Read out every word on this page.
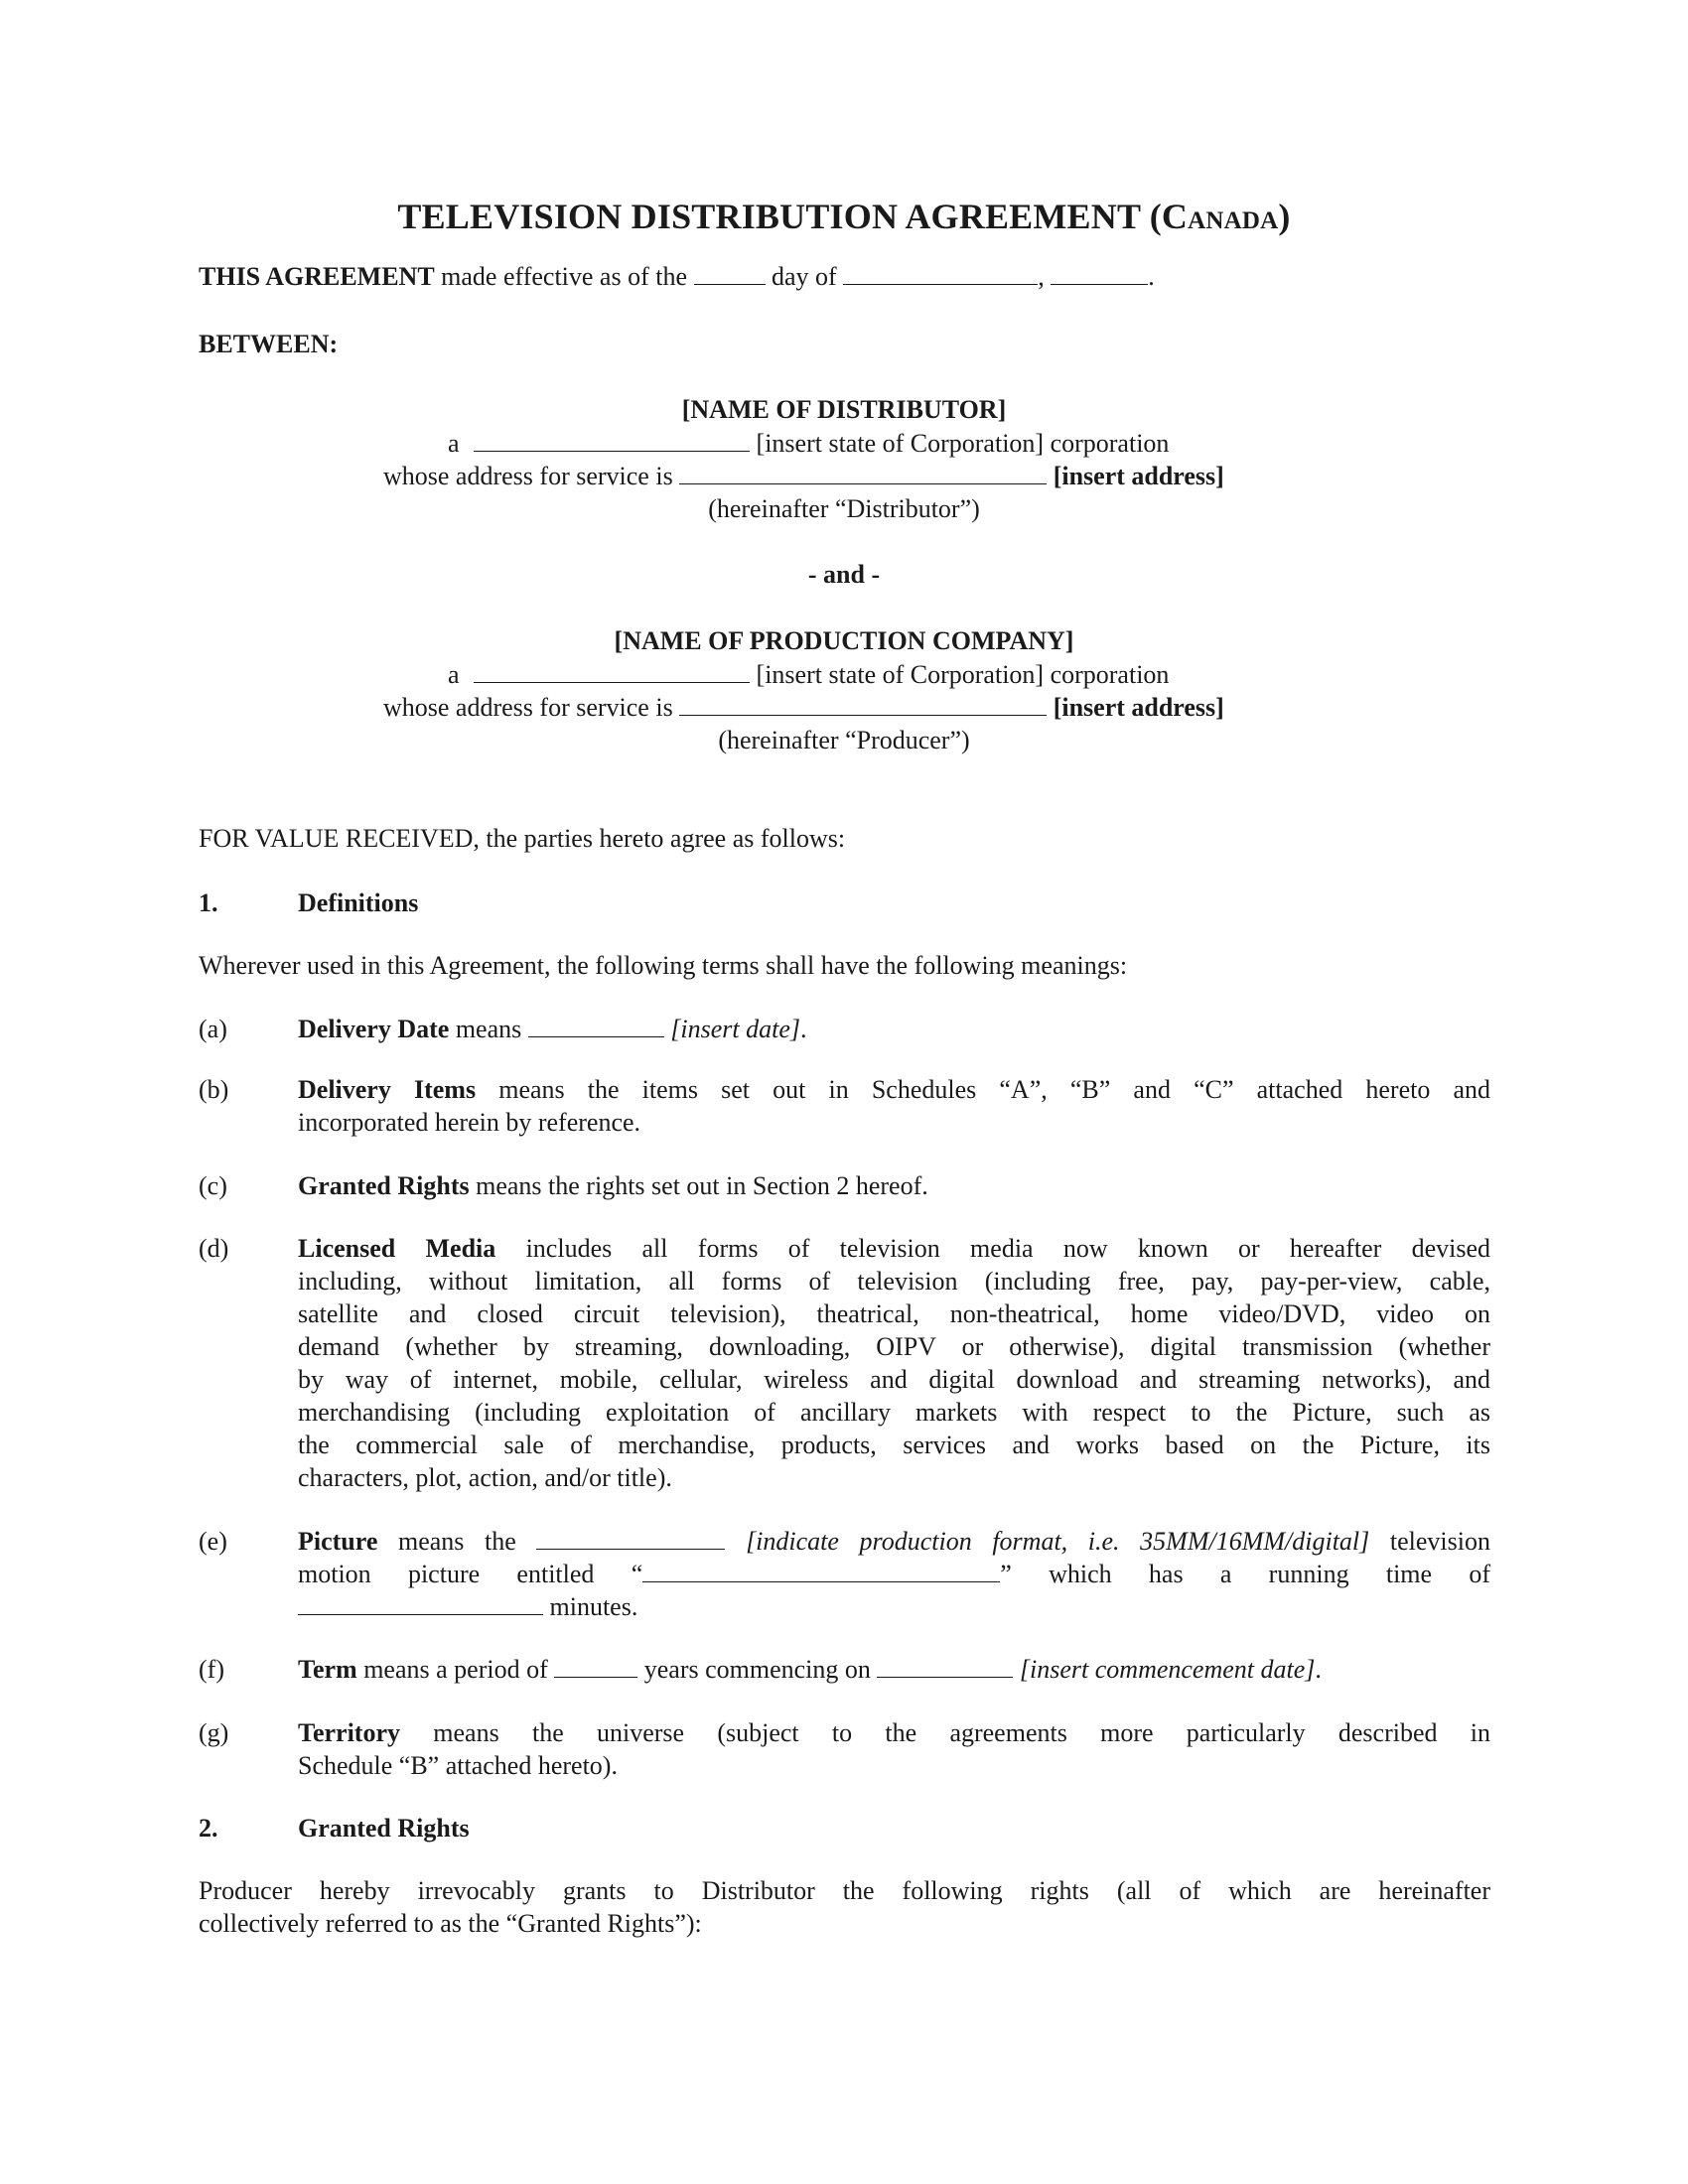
TELEVISION DISTRIBUTION AGREEMENT (Canada)
THIS AGREEMENT made effective as of the	day of	,	.
BETWEEN:
[NAME OF DISTRIBUTOR]
a	[insert state of Corporation] corporation
whose address for service is	[insert address]
(hereinafter “Distributor”)
- and -
[NAME OF PRODUCTION COMPANY]
a	[insert state of Corporation] corporation
whose address for service is	[insert address]
(hereinafter “Producer”)
FOR VALUE RECEIVED, the parties hereto agree as follows:
1.	Definitions
Wherever used in this Agreement, the following terms shall have the following meanings:
(a)	Delivery Date means	[insert date].
(b)	Delivery Items means the items set out in Schedules “A”, “B” and “C” attached hereto and
incorporated herein by reference.
(c)	Granted Rights means the rights set out in Section 2 hereof.
(d)	Licensed Media includes all forms of television media now known or hereafter devised
including, without limitation, all forms of television (including free, pay, pay-per-view, cable,
satellite and closed circuit television), theatrical, non-theatrical, home video/DVD, video on
demand (whether by streaming, downloading, OIPV or otherwise), digital transmission (whether
by way of internet, mobile, cellular, wireless and digital download and streaming networks), and
merchandising (including exploitation of ancillary markets with respect to the Picture, such as
the commercial sale of merchandise, products, services and works based on the Picture, its
characters, plot, action, and/or title).
(e)	Picture means the	[indicate production format, i.e. 35MM/16MM/digital] television
motion picture entitled “	” which has a running time of
minutes.
(f)	Term means a period of	years commencing on	[insert commencement date].
(g)	Territory means the universe (subject to the agreements more particularly described in
Schedule “B” attached hereto).
2.	Granted Rights
Producer hereby irrevocably grants to Distributor the following rights (all of which are hereinafter
collectively referred to as the “Granted Rights”):
